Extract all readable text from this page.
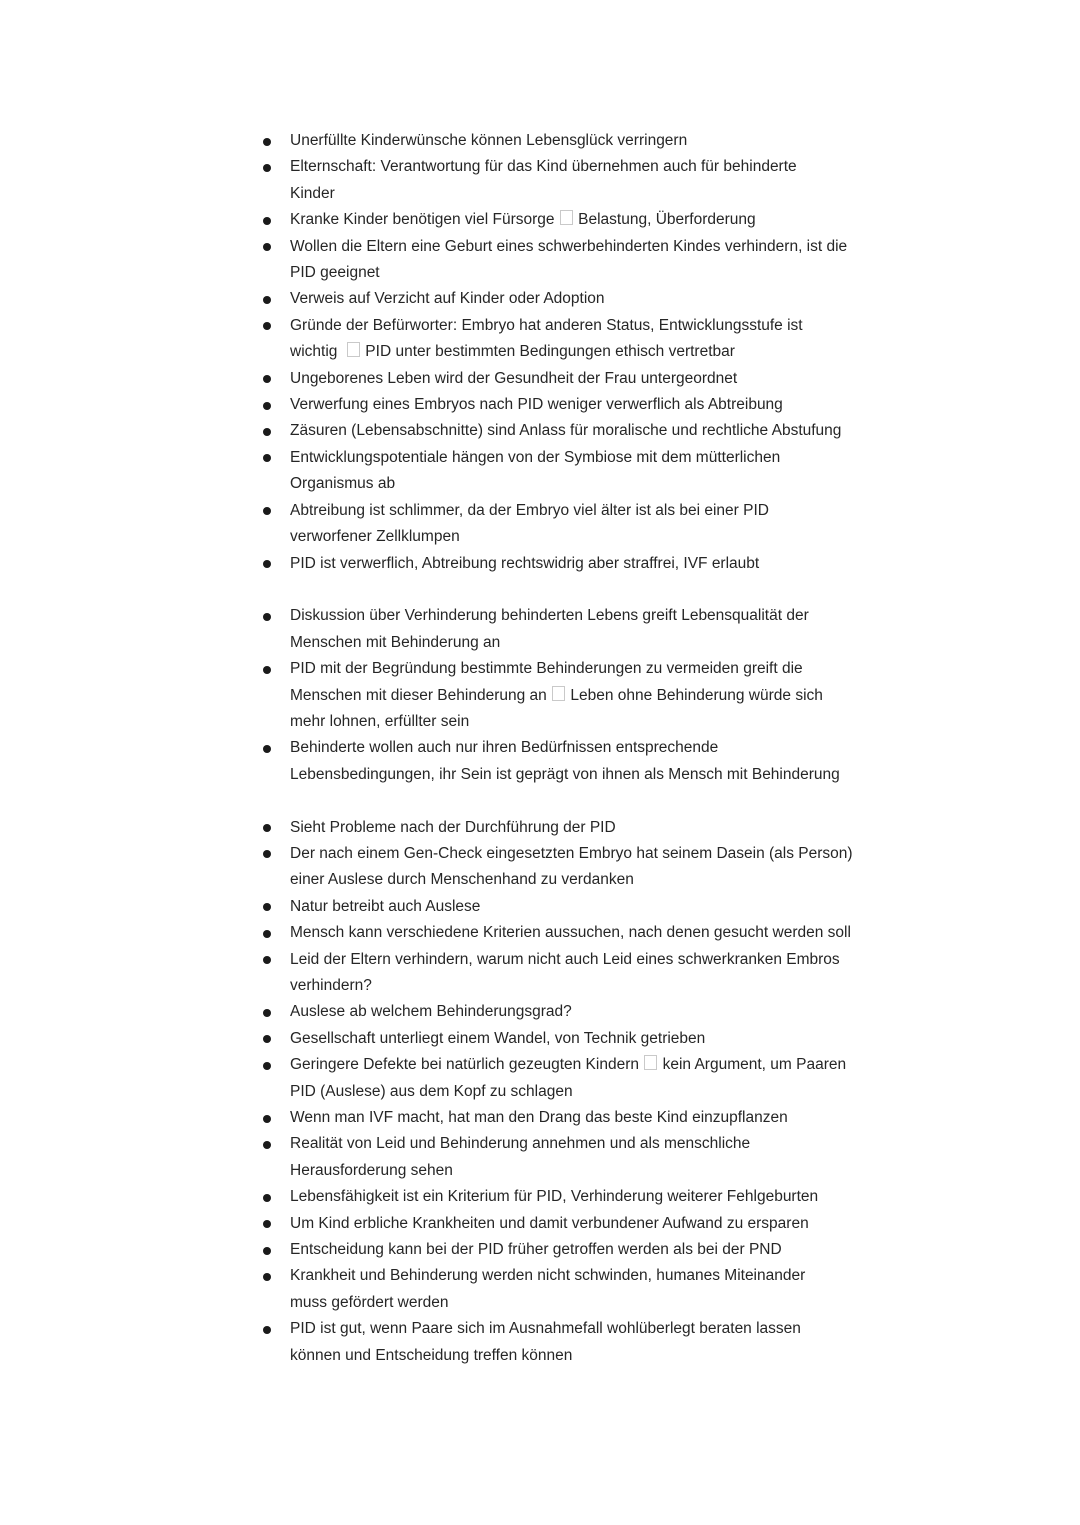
Unerfüllte Kinderwünsche können Lebensglück verringern
Elternschaft: Verantwortung für das Kind übernehmen auch für behinderte
Kinder
Kranke Kinder benötigen viel Fürsorge  Belastung, Überforderung
Wollen die Eltern eine Geburt eines schwerbehinderten Kindes verhindern, ist die
PID geeignet
Verweis auf Verzicht auf Kinder oder Adoption
Gründe der Befürworter: Embryo hat anderen Status, Entwicklungsstufe ist
wichtig   PID unter bestimmten Bedingungen ethisch vertretbar
Ungeborenes Leben wird der Gesundheit der Frau untergeordnet
Verwerfung eines Embryos nach PID weniger verwerflich als Abtreibung
Zäsuren (Lebensabschnitte) sind Anlass für moralische und rechtliche Abstufung
Entwicklungspotentiale hängen von der Symbiose mit dem mütterlichen
Organismus ab
Abtreibung ist schlimmer, da der Embryo viel älter ist als bei einer PID
verworfener Zellklumpen
PID ist verwerflich, Abtreibung rechtswidrig aber straffrei, IVF erlaubt
Diskussion über Verhinderung behinderten Lebens greift Lebensqualität der
Menschen mit Behinderung an
PID mit der Begründung bestimmte Behinderungen zu vermeiden greift die
Menschen mit dieser Behinderung an  Leben ohne Behinderung würde sich
mehr lohnen, erfüllter sein
Behinderte wollen auch nur ihren Bedürfnissen entsprechende
Lebensbedingungen, ihr Sein ist geprägt von ihnen als Mensch mit Behinderung
Sieht Probleme nach der Durchführung der PID
Der nach einem Gen-Check eingesetzten Embryo hat seinem Dasein (als Person)
einer Auslese durch Menschenhand zu verdanken
Natur betreibt auch Auslese
Mensch kann verschiedene Kriterien aussuchen, nach denen gesucht werden soll
Leid der Eltern verhindern, warum nicht auch Leid eines schwerkranken Embros
verhindern?
Auslese ab welchem Behinderungsgrad?
Gesellschaft unterliegt einem Wandel, von Technik getrieben
Geringere Defekte bei natürlich gezeugten Kindern  kein Argument, um Paaren
PID (Auslese) aus dem Kopf zu schlagen
Wenn man IVF macht, hat man den Drang das beste Kind einzupflanzen
Realität von Leid und Behinderung annehmen und als menschliche
Herausforderung sehen
Lebensfähigkeit ist ein Kriterium für PID, Verhinderung weiterer Fehlgeburten
Um Kind erbliche Krankheiten und damit verbundener Aufwand zu ersparen
Entscheidung kann bei der PID früher getroffen werden als bei der PND
Krankheit und Behinderung werden nicht schwinden, humanes Miteinander
muss gefördert werden
PID ist gut, wenn Paare sich im Ausnahmefall wohlüberlegt beraten lassen
können und Entscheidung treffen können
